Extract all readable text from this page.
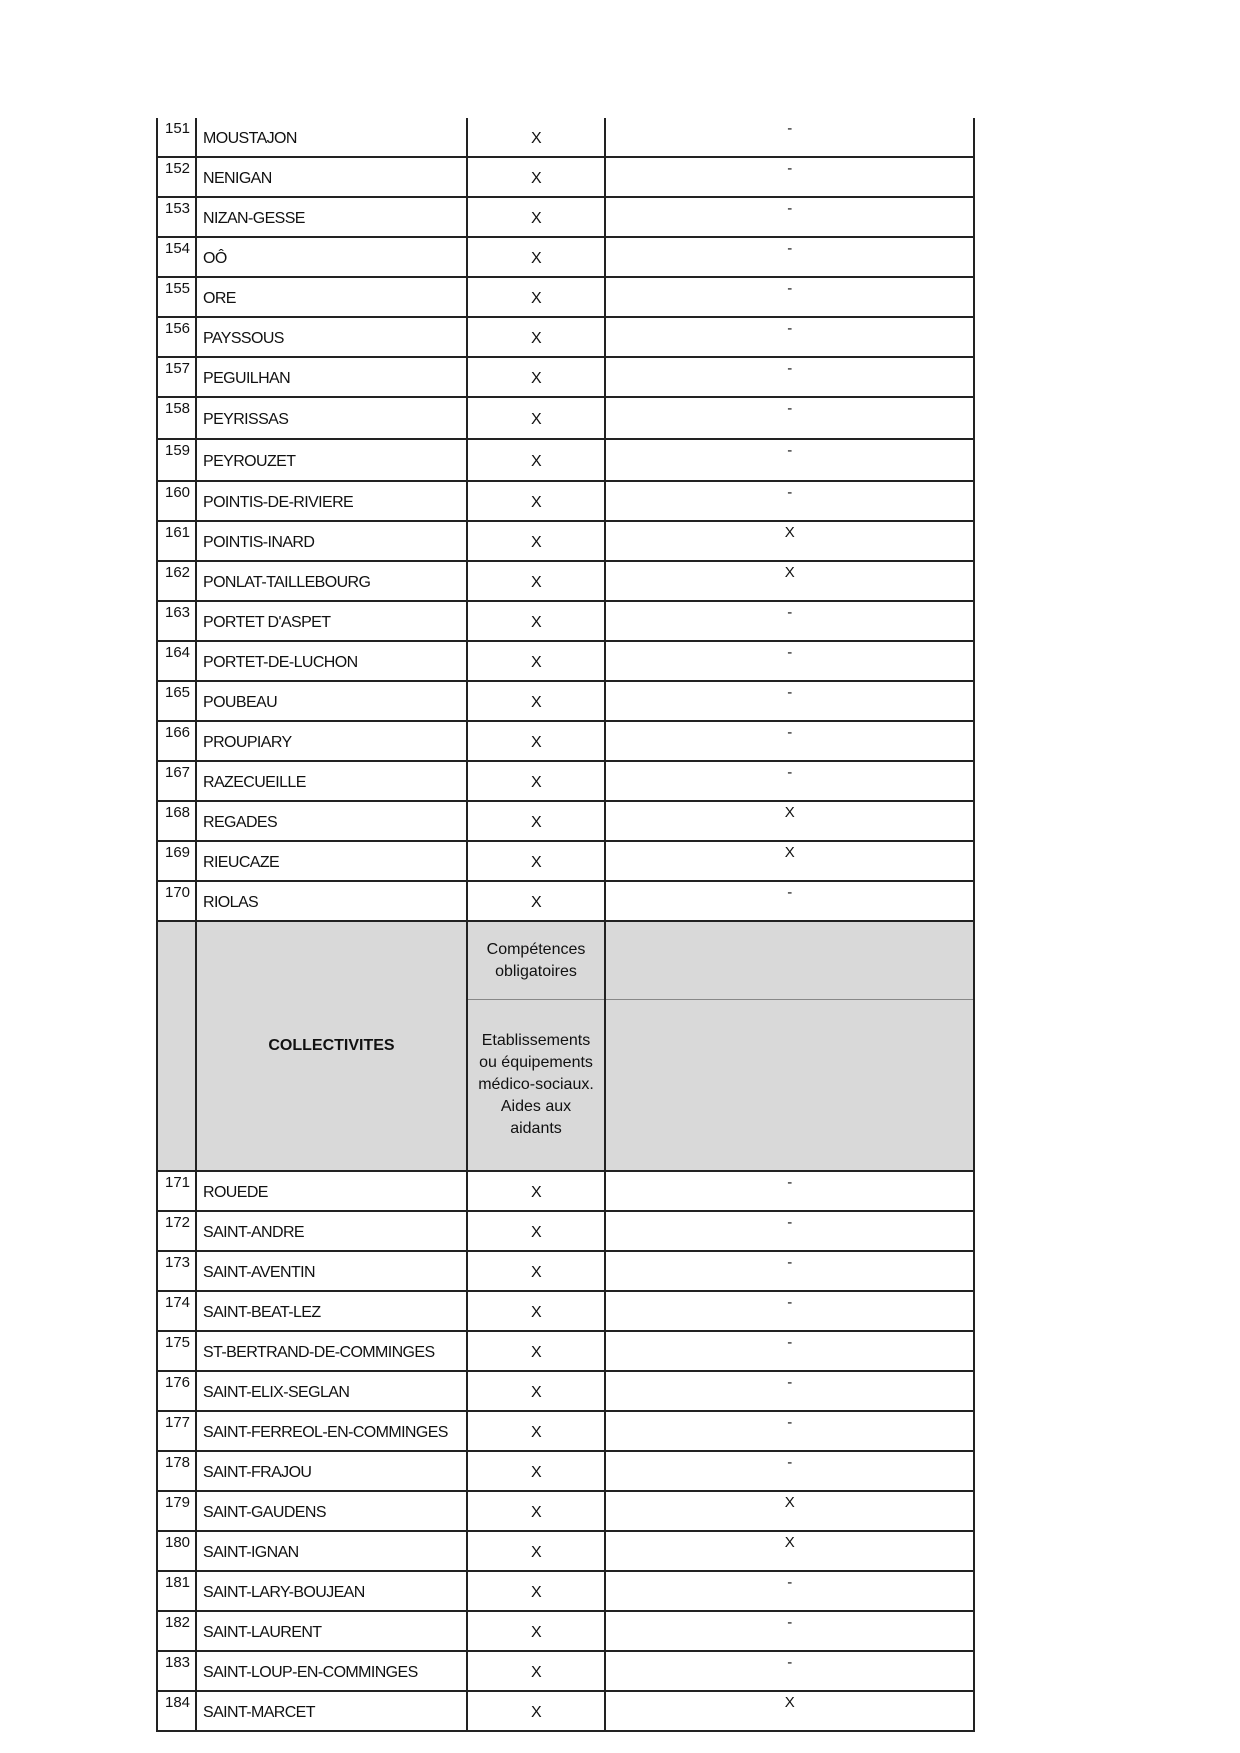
151	MOUSTAJON	X	-
152	NENIGAN	X	-
153	NIZAN-GESSE	X	-
154	OÔ	X	-
155	ORE	X	-
156	PAYSSOUS	X	-
157	PEGUILHAN	X	-
158	PEYRISSAS	X	-
159	PEYROUZET	X	-
160	POINTIS-DE-RIVIERE	X	-
161	POINTIS-INARD	X	X
162	PONLAT-TAILLEBOURG	X	X
163	PORTET D'ASPET	X	-
164	PORTET-DE-LUCHON	X	-
165	POUBEAU	X	-
166	PROUPIARY	X	-
167	RAZECUEILLE	X	-
168	REGADES	X	X
169	RIEUCAZE	X	X
170	RIOLAS	X	-
	COLLECTIVITES	Compétences
obligatoires	

		Etablissements
ou équipements
médico-sociaux.
Aides aux
aidants	

171	ROUEDE	X	-
172	SAINT-ANDRE	X	-
173	SAINT-AVENTIN	X	-
174	SAINT-BEAT-LEZ	X	-
175	ST-BERTRAND-DE-COMMINGES	X	-
176	SAINT-ELIX-SEGLAN	X	-
177	SAINT-FERREOL-EN-COMMINGES	X	-
178	SAINT-FRAJOU	X	-
179	SAINT-GAUDENS	X	X
180	SAINT-IGNAN	X	X
181	SAINT-LARY-BOUJEAN	X	-
182	SAINT-LAURENT	X	-
183	SAINT-LOUP-EN-COMMINGES	X	-
184	SAINT-MARCET	X	X
